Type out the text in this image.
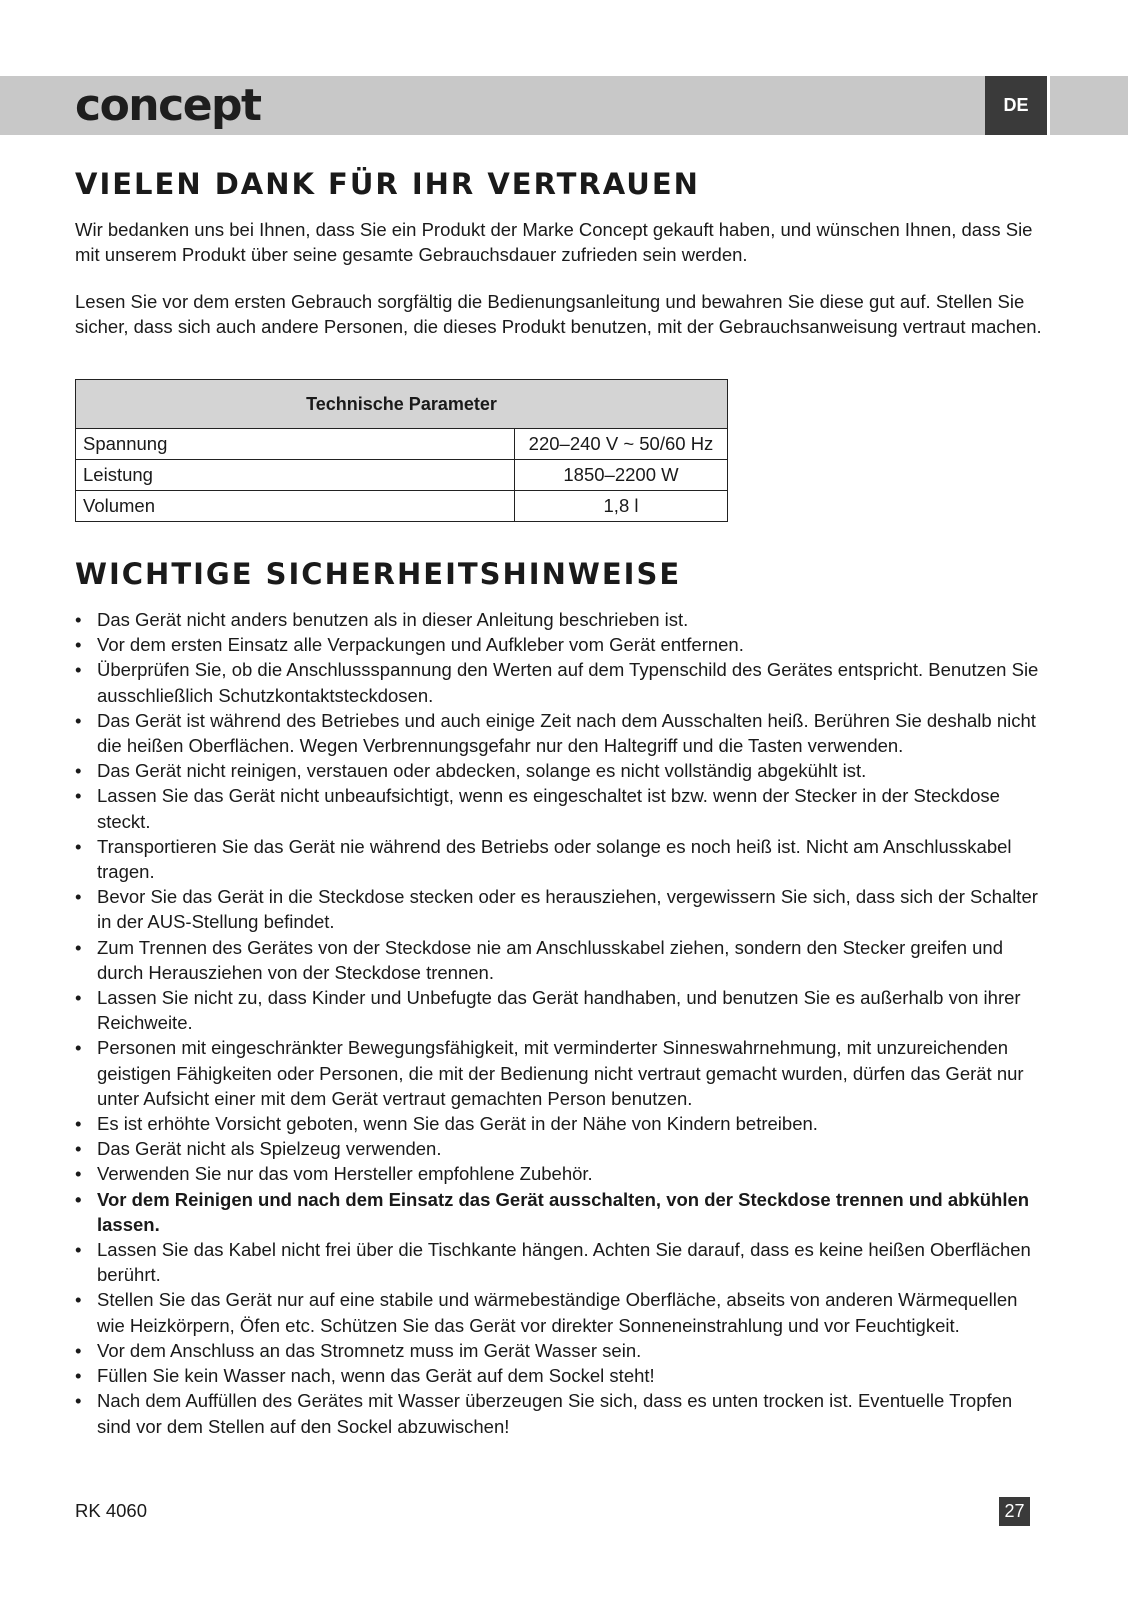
concept	DE
VIELEN DANK FÜR IHR VERTRAUEN

Wir bedanken uns bei Ihnen, dass Sie ein Produkt der Marke Concept gekauft haben, und wünschen Ihnen, dass Sie mit unserem Produkt über seine gesamte Gebrauchsdauer zufrieden sein werden.

Lesen Sie vor dem ersten Gebrauch sorgfältig die Bedienungsanleitung und bewahren Sie diese gut auf. Stellen Sie sicher, dass sich auch andere Personen, die dieses Produkt benutzen, mit der Gebrauchsanweisung vertraut machen.

Technische Parameter	
Spannung	220–240 V ~ 50/60 Hz
Leistung	1850–2200 W
Volumen	1,8 l
WICHTIGE SICHERHEITSHINWEISE
• Das Gerät nicht anders benutzen als in dieser Anleitung beschrieben ist.
• Vor dem ersten Einsatz alle Verpackungen und Aufkleber vom Gerät entfernen.
• Überprüfen Sie, ob die Anschlussspannung den Werten auf dem Typenschild des Gerätes entspricht. Benutzen Sie ausschließlich Schutzkontaktsteckdosen.
• Das Gerät ist während des Betriebes und auch einige Zeit nach dem Ausschalten heiß. Berühren Sie deshalb nicht die heißen Oberflächen. Wegen Verbrennungsgefahr nur den Haltegriff und die Tasten verwenden.
• Das Gerät nicht reinigen, verstauen oder abdecken, solange es nicht vollständig abgekühlt ist.
• Lassen Sie das Gerät nicht unbeaufsichtigt, wenn es eingeschaltet ist bzw. wenn der Stecker in der Steckdose steckt.
• Transportieren Sie das Gerät nie während des Betriebs oder solange es noch heiß ist. Nicht am Anschlusskabel tragen.
• Bevor Sie das Gerät in die Steckdose stecken oder es herausziehen, vergewissern Sie sich, dass sich der Schalter in der AUS-Stellung befindet.
• Zum Trennen des Gerätes von der Steckdose nie am Anschlusskabel ziehen, sondern den Stecker greifen und durch Herausziehen von der Steckdose trennen.
• Lassen Sie nicht zu, dass Kinder und Unbefugte das Gerät handhaben, und benutzen Sie es außerhalb von ihrer Reichweite.
• Personen mit eingeschränkter Bewegungsfähigkeit, mit verminderter Sinneswahrnehmung, mit unzureichenden geistigen Fähigkeiten oder Personen, die mit der Bedienung nicht vertraut gemacht wurden, dürfen das Gerät nur unter Aufsicht einer mit dem Gerät vertraut gemachten Person benutzen.
• Es ist erhöhte Vorsicht geboten, wenn Sie das Gerät in der Nähe von Kindern betreiben.
• Das Gerät nicht als Spielzeug verwenden.
• Verwenden Sie nur das vom Hersteller empfohlene Zubehör.
• Vor dem Reinigen und nach dem Einsatz das Gerät ausschalten, von der Steckdose trennen und abkühlen lassen.
• Lassen Sie das Kabel nicht frei über die Tischkante hängen. Achten Sie darauf, dass es keine heißen Oberflächen berührt.
• Stellen Sie das Gerät nur auf eine stabile und wärmebeständige Oberfläche, abseits von anderen Wärmequellen wie Heizkörpern, Öfen etc. Schützen Sie das Gerät vor direkter Sonneneinstrahlung und vor Feuchtigkeit.
• Vor dem Anschluss an das Stromnetz muss im Gerät Wasser sein.
• Füllen Sie kein Wasser nach, wenn das Gerät auf dem Sockel steht!
• Nach dem Auffüllen des Gerätes mit Wasser überzeugen Sie sich, dass es unten trocken ist. Eventuelle Tropfen sind vor dem Stellen auf den Sockel abzuwischen!
RK 4060	27
